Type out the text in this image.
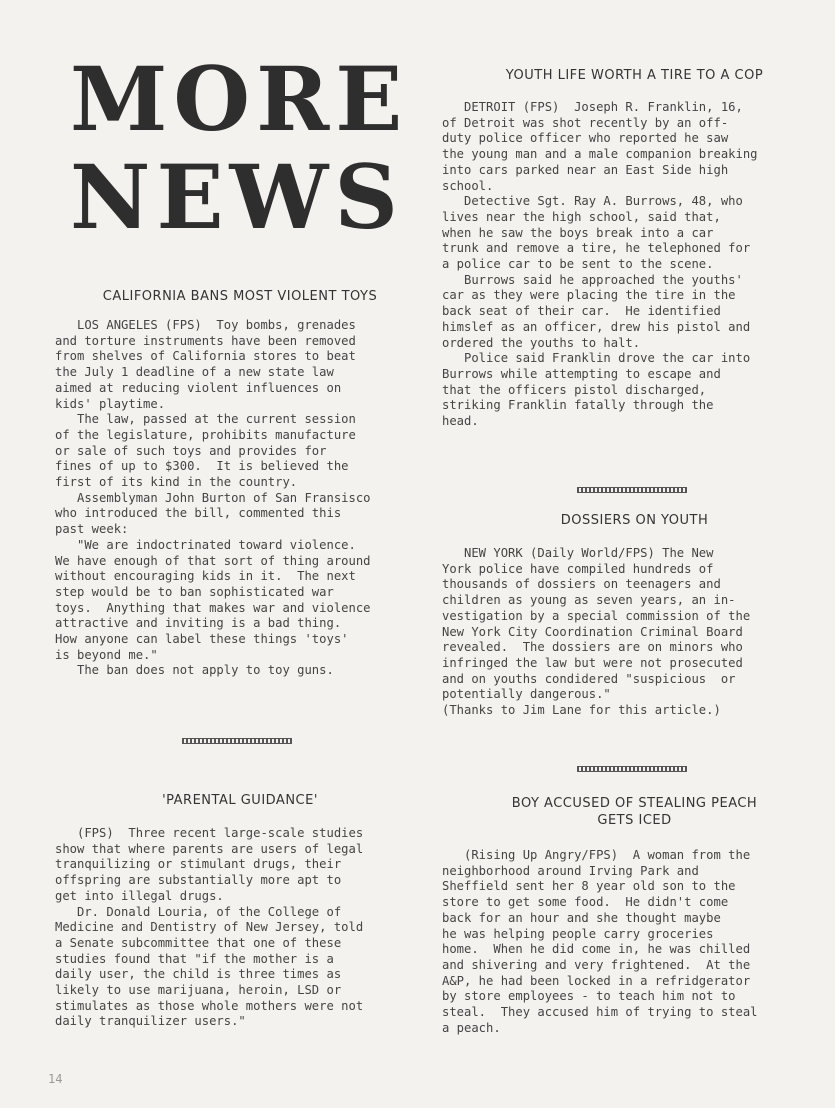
MORE
NEWS
CALIFORNIA BANS MOST VIOLENT TOYS
LOS ANGELES (FPS)  Toy bombs, grenades
and torture instruments have been removed
from shelves of California stores to beat
the July 1 deadline of a new state law
aimed at reducing violent influences on
kids' playtime.
The law, passed at the current session
of the legislature, prohibits manufacture
or sale of such toys and provides for
fines of up to $300.  It is believed the
first of its kind in the country.
Assemblyman John Burton of San Fransisco
who introduced the bill, commented this
past week:
"We are indoctrinated toward violence.
We have enough of that sort of thing around
without encouraging kids in it.  The next
step would be to ban sophisticated war
toys.  Anything that makes war and violence
attractive and inviting is a bad thing.
How anyone can label these things 'toys'
is beyond me."
The ban does not apply to toy guns.
'PARENTAL GUIDANCE'
(FPS)  Three recent large-scale studies
show that where parents are users of legal
tranquilizing or stimulant drugs, their
offspring are substantially more apt to
get into illegal drugs.
Dr. Donald Louria, of the College of
Medicine and Dentistry of New Jersey, told
a Senate subcommittee that one of these
studies found that "if the mother is a
daily user, the child is three times as
likely to use marijuana, heroin, LSD or
stimulates as those whole mothers were not
daily tranquilizer users."
YOUTH LIFE WORTH A TIRE TO A COP
DETROIT (FPS)  Joseph R. Franklin, 16,
of Detroit was shot recently by an off-
duty police officer who reported he saw
the young man and a male companion breaking
into cars parked near an East Side high
school.
Detective Sgt. Ray A. Burrows, 48, who
lives near the high school, said that,
when he saw the boys break into a car
trunk and remove a tire, he telephoned for
a police car to be sent to the scene.
Burrows said he approached the youths'
car as they were placing the tire in the
back seat of their car.  He identified
himslef as an officer, drew his pistol and
ordered the youths to halt.
Police said Franklin drove the car into
Burrows while attempting to escape and
that the officers pistol discharged,
striking Franklin fatally through the
head.
DOSSIERS ON YOUTH
NEW YORK (Daily World/FPS) The New
York police have compiled hundreds of
thousands of dossiers on teenagers and
children as young as seven years, an in-
vestigation by a special commission of the
New York City Coordination Criminal Board
revealed.  The dossiers are on minors who
infringed the law but were not prosecuted
and on youths condidered "suspicious  or
potentially dangerous."
(Thanks to Jim Lane for this article.)
BOY ACCUSED OF STEALING PEACH
GETS ICED
(Rising Up Angry/FPS)  A woman from the
neighborhood around Irving Park and
Sheffield sent her 8 year old son to the
store to get some food.  He didn't come
back for an hour and she thought maybe
he was helping people carry groceries
home.  When he did come in, he was chilled
and shivering and very frightened.  At the
A&P, he had been locked in a refridgerator
by store employees - to teach him not to
steal.  They accused him of trying to steal
a peach.
14
